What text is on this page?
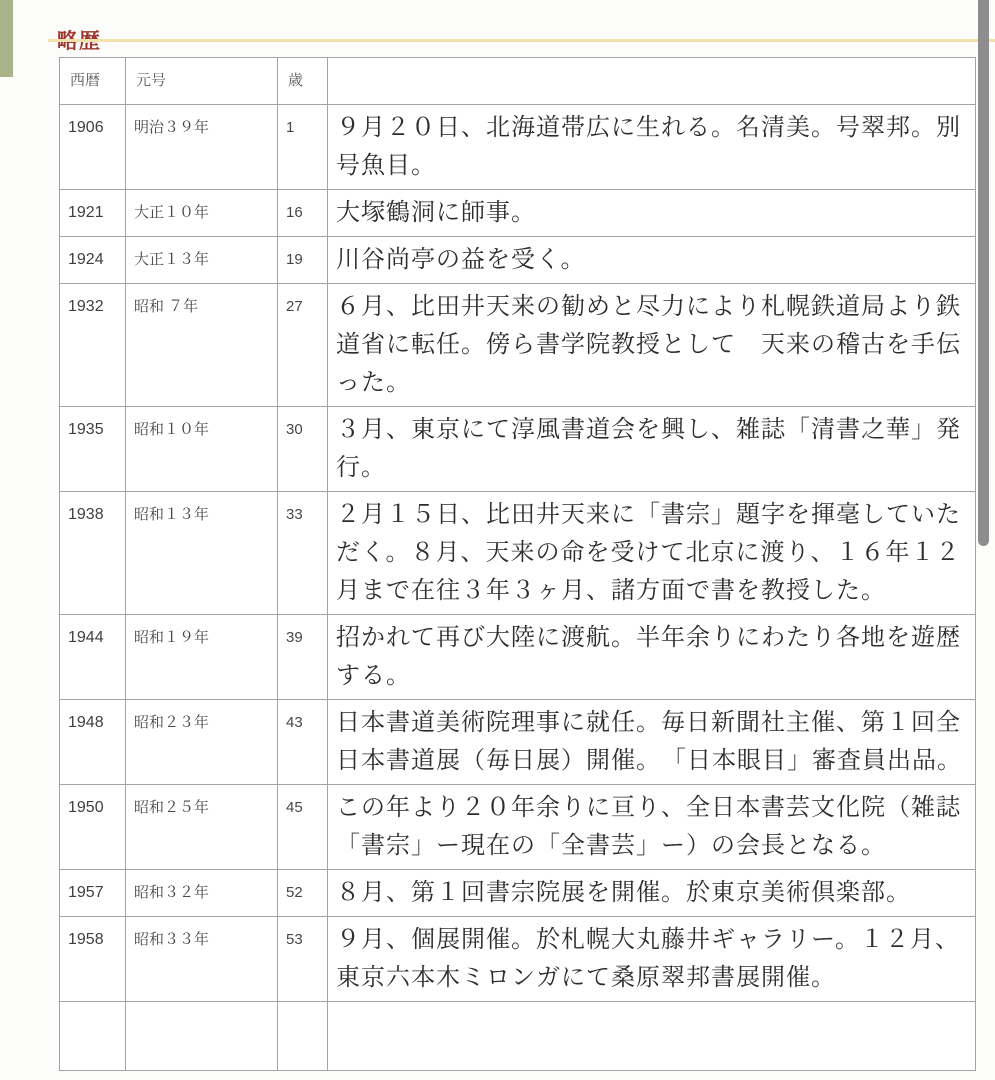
西暦	元号	歳	
1906	明治３９年	1	９月２０日、北海道帯広に生れる。名清美。号翠邦。別号魚目。
1921	大正１０年	16	大塚鶴洞に師事。
1924	大正１３年	19	川谷尚亭の益を受く。
1932	昭和 ７年	27	６月、比田井天来の勧めと尽力により札幌鉄道局より鉄道省に転任。傍ら書学院教授として　天来の稽古を手伝った。
1935	昭和１０年	30	３月、東京にて淳風書道会を興し、雑誌「清書之華」発行。
1938	昭和１３年	33	２月１５日、比田井天来に「書宗」題字を揮毫していただく。８月、天来の命を受けて北京に渡り、１６年１２月まで在往３年３ヶ月、諸方面で書を教授した。
1944	昭和１９年	39	招かれて再び大陸に渡航。半年余りにわたり各地を遊歴する。
1948	昭和２３年	43	日本書道美術院理事に就任。毎日新聞社主催、第１回全日本書道展（毎日展）開催。　「日本眼目」審査員出品。
1950	昭和２５年	45	この年より２０年余りに亘り、全日本書芸文化院（雑誌「書宗」ー現在の「全書芸」ー）の会長となる。
1957	昭和３２年	52	８月、第１回書宗院展を開催。於東京美術倶楽部。
1958	昭和３３年	53	９月、個展開催。於札幌大丸藤井ギャラリー。１２月、東京六本木ミロンガにて桑原翠邦書展開催。
